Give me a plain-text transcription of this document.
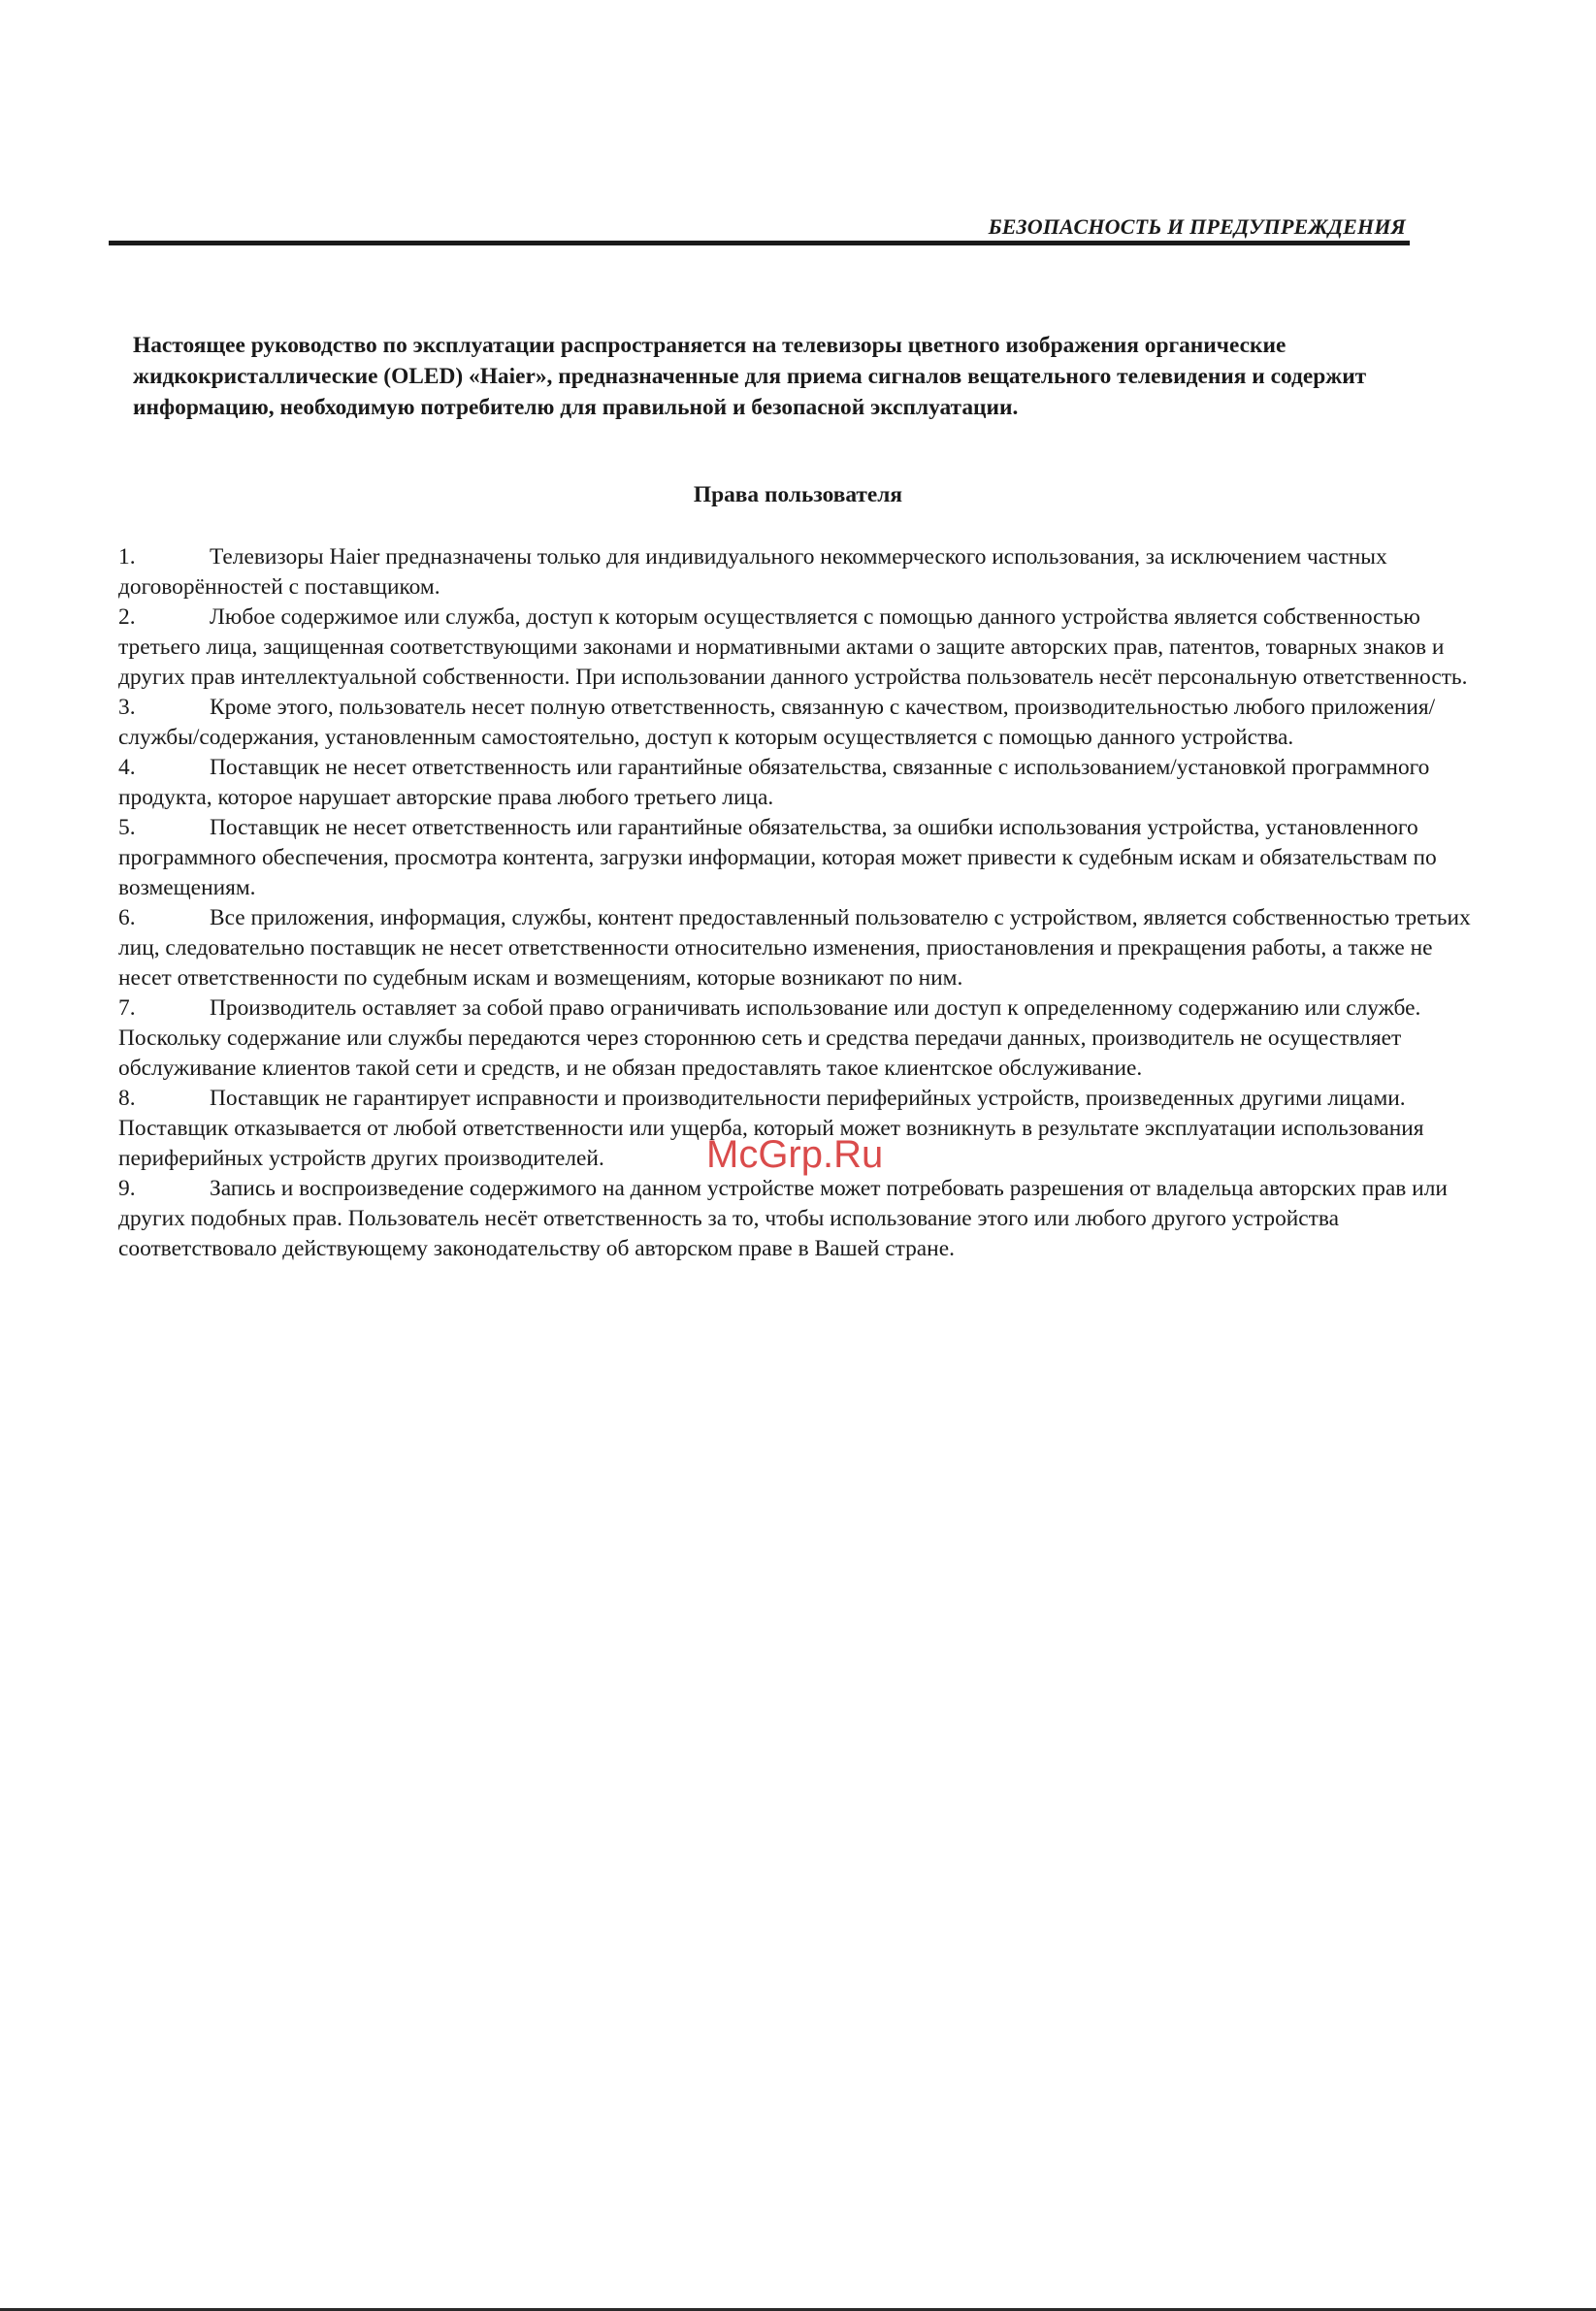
БЕЗОПАСНОСТЬ И ПРЕДУПРЕЖДЕНИЯ
Настоящее руководство по эксплуатации распространяется на телевизоры цветного изображения органические жидкокристаллические (OLED) «Haier», предназначенные для приема сигналов вещательного телевидения и содержит информацию, необходимую потребителю для правильной и безопасной эксплуатации.
Права пользователя
1.	Телевизоры Haier предназначены только для индивидуального некоммерческого использования, за исключением частных договорённостей с поставщиком.
2.	Любое содержимое или служба, доступ к которым осуществляется с помощью данного устройства является собственностью третьего лица, защищенная соответствующими законами и нормативными актами о защите авторских прав, патентов, товарных знаков и других прав интеллектуальной собственности. При использовании данного устройства пользователь несёт персональную ответственность.
3.	Кроме этого, пользователь несет полную ответственность, связанную с качеством, производительностью любого приложения/службы/содержания, установленным самостоятельно, доступ к которым осуществляется с помощью данного устройства.
4.	Поставщик не несет ответственность или гарантийные обязательства, связанные с использованием/установкой программного продукта, которое нарушает авторские права любого третьего лица.
5.	Поставщик не несет ответственность или гарантийные обязательства, за ошибки использования устройства, установленного программного обеспечения, просмотра контента, загрузки информации, которая может привести к судебным искам и обязательствам по возмещениям.
6.	Все приложения, информация, службы, контент предоставленный пользователю с устройством, является собственностью третьих лиц, следовательно поставщик не несет ответственности относительно изменения, приостановления и прекращения работы, а также не несет ответственности по судебным искам и возмещениям, которые возникают по ним.
7.	Производитель оставляет за собой право ограничивать использование или доступ к определенному содержанию или службе. Поскольку содержание или службы передаются через стороннюю сеть и средства передачи данных, производитель не осуществляет обслуживание клиентов такой сети и средств, и не обязан предоставлять такое клиентское обслуживание.
8.	Поставщик не гарантирует исправности и производительности периферийных устройств, произведенных другими лицами. Поставщик отказывается от любой ответственности или ущерба, который может возникнуть в результате эксплуатации использования периферийных устройств других производителей.
9.	Запись и воспроизведение содержимого на данном устройстве может потребовать разрешения от владельца авторских прав или других подобных прав. Пользователь несёт ответственность за то, чтобы использование этого или любого другого устройства соответствовало действующему законодательству об авторском праве в Вашей стране.
McGrp.Ru
